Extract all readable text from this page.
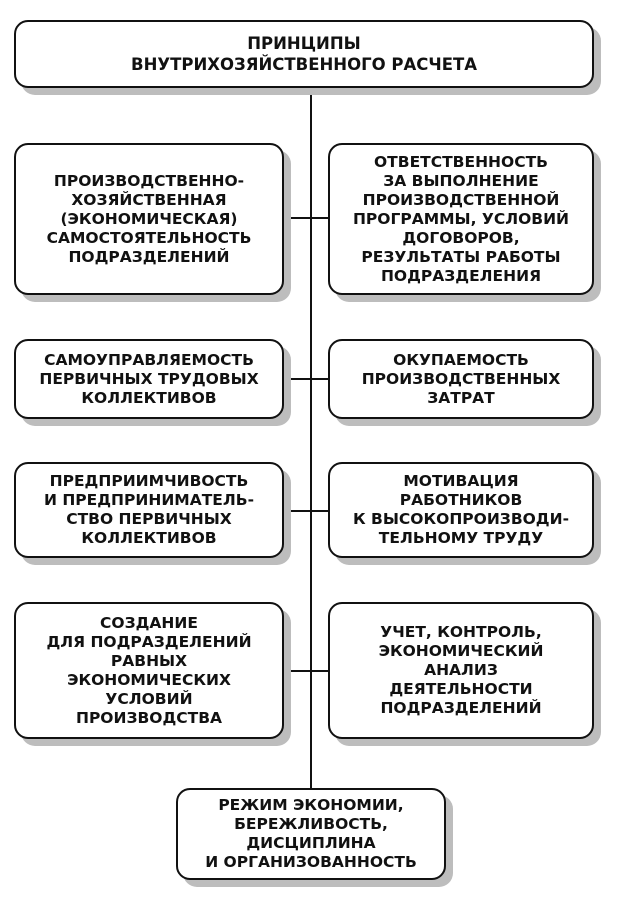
ПРИНЦИПЫ
ВНУТРИХОЗЯЙСТВЕННОГО РАСЧЕТА
ПРОИЗВОДСТВЕННО-
ХОЗЯЙСТВЕННАЯ
(ЭКОНОМИЧЕСКАЯ)
САМОСТОЯТЕЛЬНОСТЬ
ПОДРАЗДЕЛЕНИЙ
САМОУПРАВЛЯЕМОСТЬ
ПЕРВИЧНЫХ ТРУДОВЫХ
КОЛЛЕКТИВОВ
ПРЕДПРИИМЧИВОСТЬ
И ПРЕДПРИНИМАТЕЛЬ-
СТВО ПЕРВИЧНЫХ
КОЛЛЕКТИВОВ
СОЗДАНИЕ
ДЛЯ ПОДРАЗДЕЛЕНИЙ
РАВНЫХ
ЭКОНОМИЧЕСКИХ
УСЛОВИЙ
ПРОИЗВОДСТВА
ОТВЕТСТВЕННОСТЬ
ЗА ВЫПОЛНЕНИЕ
ПРОИЗВОДСТВЕННОЙ
ПРОГРАММЫ, УСЛОВИЙ
ДОГОВОРОВ,
РЕЗУЛЬТАТЫ РАБОТЫ
ПОДРАЗДЕЛЕНИЯ
ОКУПАЕМОСТЬ
ПРОИЗВОДСТВЕННЫХ
ЗАТРАТ
МОТИВАЦИЯ
РАБОТНИКОВ
К ВЫСОКОПРОИЗВОДИ-
ТЕЛЬНОМУ ТРУДУ
УЧЕТ, КОНТРОЛЬ,
ЭКОНОМИЧЕСКИЙ
АНАЛИЗ
ДЕЯТЕЛЬНОСТИ
ПОДРАЗДЕЛЕНИЙ
РЕЖИМ ЭКОНОМИИ,
БЕРЕЖЛИВОСТЬ,
ДИСЦИПЛИНА
И ОРГАНИЗОВАННОСТЬ
